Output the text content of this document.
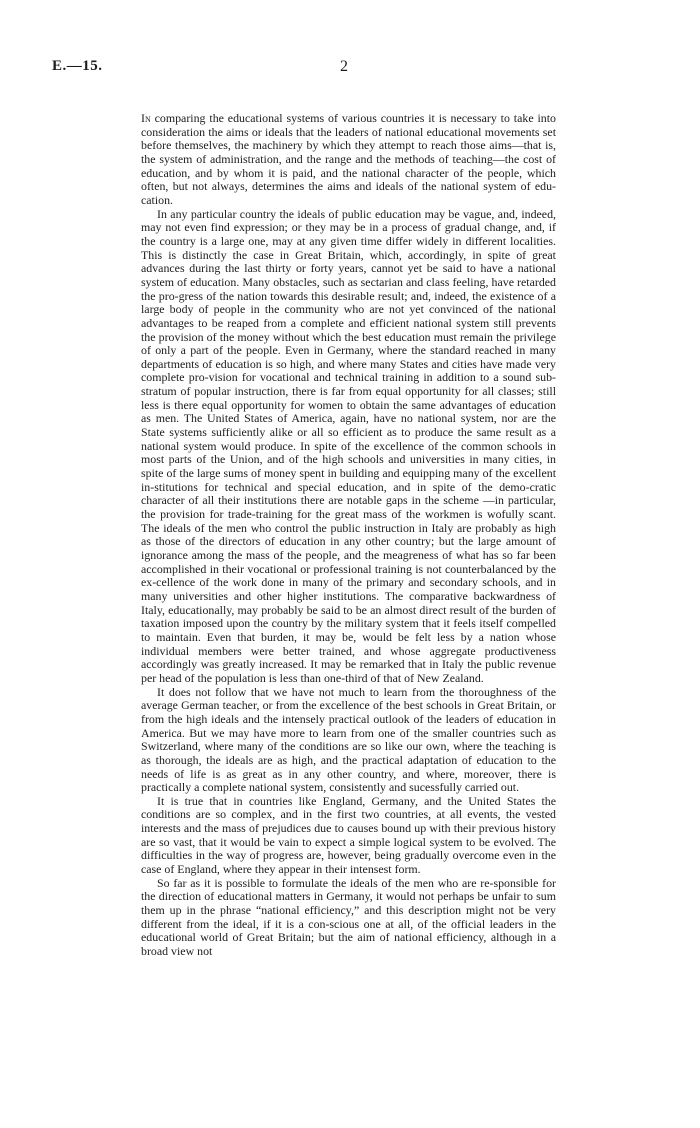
E.—15.	2

In comparing the educational systems of various countries it is necessary to take into consideration the aims or ideals that the leaders of national educational movements set before themselves, the machinery by which they attempt to reach those aims—that is, the system of administration, and the range and the methods of teaching—the cost of education, and by whom it is paid, and the national character of the people, which often, but not always, determines the aims and ideals of the national system of edu-cation.

In any particular country the ideals of public education may be vague, and, indeed, may not even find expression; or they may be in a process of gradual change, and, if the country is a large one, may at any given time differ widely in different localities. This is distinctly the case in Great Britain, which, accordingly, in spite of great advances during the last thirty or forty years, cannot yet be said to have a national system of education. Many obstacles, such as sectarian and class feeling, have retarded the pro-gress of the nation towards this desirable result; and, indeed, the existence of a large body of people in the community who are not yet convinced of the national advantages to be reaped from a complete and efficient national system still prevents the provision of the money without which the best education must remain the privilege of only a part of the people. Even in Germany, where the standard reached in many departments of education is so high, and where many States and cities have made very complete pro-vision for vocational and technical training in addition to a sound sub-stratum of popular instruction, there is far from equal opportunity for all classes; still less is there equal opportunity for women to obtain the same advantages of education as men. The United States of America, again, have no national system, nor are the State systems sufficiently alike or all so efficient as to produce the same result as a national system would produce. In spite of the excellence of the common schools in most parts of the Union, and of the high schools and universities in many cities, in spite of the large sums of money spent in building and equipping many of the excellent in-stitutions for technical and special education, and in spite of the demo-cratic character of all their institutions there are notable gaps in the scheme —in particular, the provision for trade-training for the great mass of the workmen is wofully scant. The ideals of the men who control the public instruction in Italy are probably as high as those of the directors of education in any other country; but the large amount of ignorance among the mass of the people, and the meagreness of what has so far been accomplished in their vocational or professional training is not counterbalanced by the ex-cellence of the work done in many of the primary and secondary schools, and in many universities and other higher institutions. The comparative backwardness of Italy, educationally, may probably be said to be an almost direct result of the burden of taxation imposed upon the country by the military system that it feels itself compelled to maintain. Even that burden, it may be, would be felt less by a nation whose individual members were better trained, and whose aggregate productiveness accordingly was greatly increased. It may be remarked that in Italy the public revenue per head of the population is less than one-third of that of New Zealand.

It does not follow that we have not much to learn from the thoroughness of the average German teacher, or from the excellence of the best schools in Great Britain, or from the high ideals and the intensely practical outlook of the leaders of education in America. But we may have more to learn from one of the smaller countries such as Switzerland, where many of the conditions are so like our own, where the teaching is as thorough, the ideals are as high, and the practical adaptation of education to the needs of life is as great as in any other country, and where, moreover, there is practically a complete national system, consistently and sucessfully carried out.

It is true that in countries like England, Germany, and the United States the conditions are so complex, and in the first two countries, at all events, the vested interests and the mass of prejudices due to causes bound up with their previous history are so vast, that it would be vain to expect a simple logical system to be evolved. The difficulties in the way of progress are, however, being gradually overcome even in the case of England, where they appear in their intensest form.

So far as it is possible to formulate the ideals of the men who are re-sponsible for the direction of educational matters in Germany, it would not perhaps be unfair to sum them up in the phrase “national efficiency,” and this description might not be very different from the ideal, if it is a con-scious one at all, of the official leaders in the educational world of Great Britain; but the aim of national efficiency, although in a broad view not
